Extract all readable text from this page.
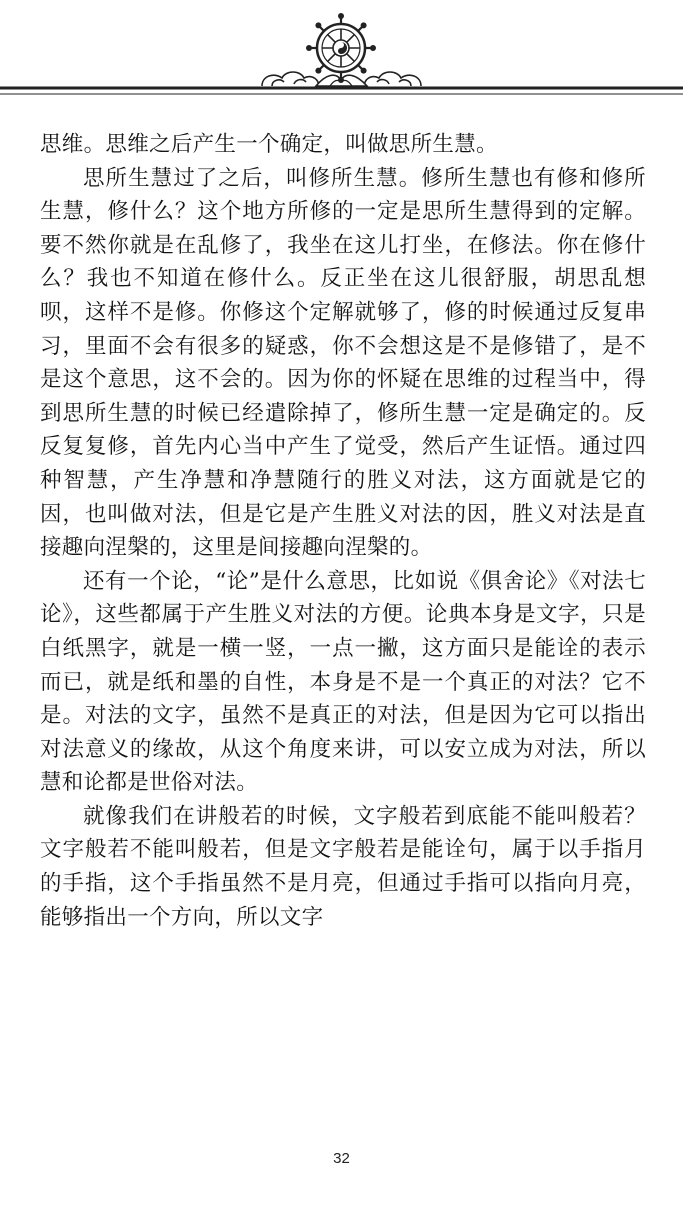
思维。思维之后产生一个确定，叫做思所生慧。

思所生慧过了之后，叫修所生慧。修所生慧也有修和修所生慧，修什么？这个地方所修的一定是思所生慧得到的定解。要不然你就是在乱修了，我坐在这儿打坐，在修法。你在修什么？我也不知道在修什么。反正坐在这儿很舒服，胡思乱想呗，这样不是修。你修这个定解就够了，修的时候通过反复串习，里面不会有很多的疑惑，你不会想这是不是修错了，是不是这个意思，这不会的。因为你的怀疑在思维的过程当中，得到思所生慧的时候已经遣除掉了，修所生慧一定是确定的。反反复复修，首先内心当中产生了觉受，然后产生证悟。通过四种智慧，产生净慧和净慧随行的胜义对法，这方面就是它的因，也叫做对法，但是它是产生胜义对法的因，胜义对法是直接趣向涅槃的，这里是间接趣向涅槃的。

还有一个论，“论”是什么意思，比如说《俱舍论》《对法七论》，这些都属于产生胜义对法的方便。论典本身是文字，只是白纸黑字，就是一横一竖，一点一撇，这方面只是能诠的表示而已，就是纸和墨的自性，本身是不是一个真正的对法？它不是。对法的文字，虽然不是真正的对法，但是因为它可以指出对法意义的缘故，从这个角度来讲，可以安立成为对法，所以慧和论都是世俗对法。

就像我们在讲般若的时候，文字般若到底能不能叫般若？文字般若不能叫般若，但是文字般若是能诠句，属于以手指月的手指，这个手指虽然不是月亮，但通过手指可以指向月亮，能够指出一个方向，所以文字

32
